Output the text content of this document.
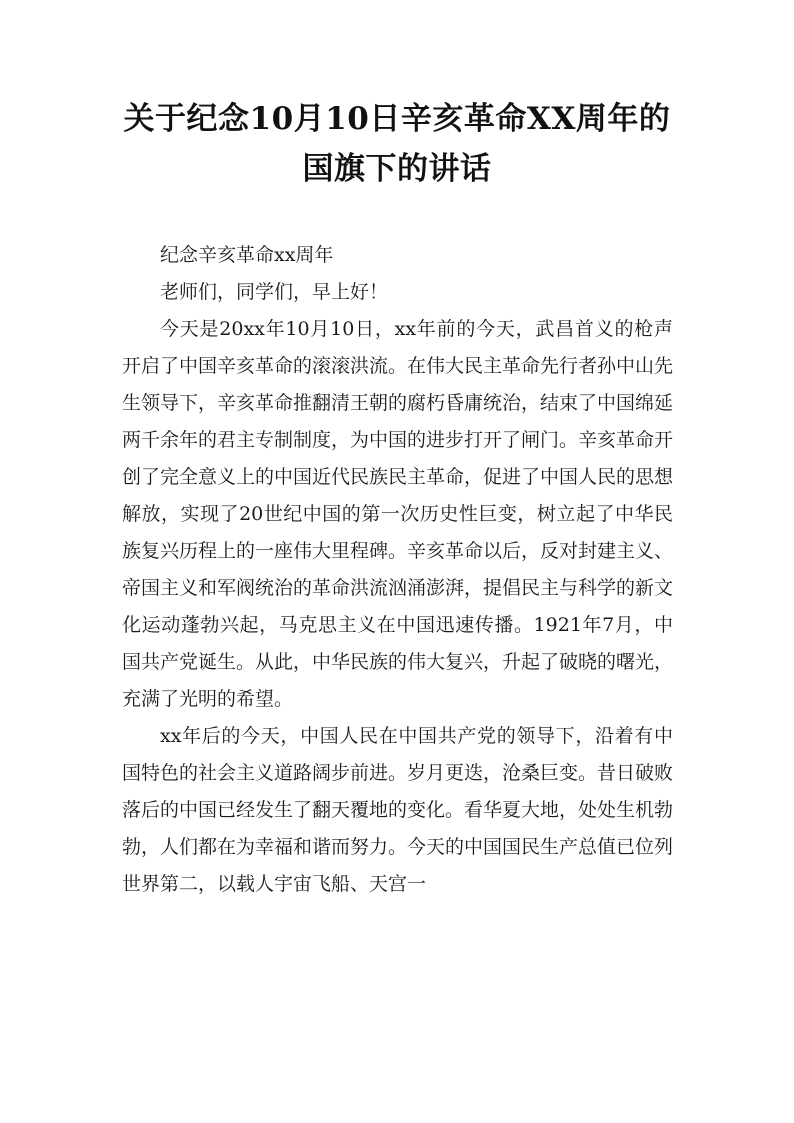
关于纪念10月10日辛亥革命XX周年的
国旗下的讲话

纪念辛亥革命xx周年

老师们，同学们，早上好！

今天是20xx年10月10日，xx年前的今天，武昌首义的枪声开启了中国辛亥革命的滚滚洪流。在伟大民主革命先行者孙中山先生领导下，辛亥革命推翻清王朝的腐朽昏庸统治，结束了中国绵延两千余年的君主专制制度，为中国的进步打开了闸门。辛亥革命开创了完全意义上的中国近代民族民主革命，促进了中国人民的思想解放，实现了20世纪中国的第一次历史性巨变，树立起了中华民族复兴历程上的一座伟大里程碑。辛亥革命以后，反对封建主义、帝国主义和军阀统治的革命洪流汹涌澎湃，提倡民主与科学的新文化运动蓬勃兴起，马克思主义在中国迅速传播。1921年7月，中国共产党诞生。从此，中华民族的伟大复兴，升起了破晓的曙光，充满了光明的希望。

xx年后的今天，中国人民在中国共产党的领导下，沿着有中国特色的社会主义道路阔步前进。岁月更迭，沧桑巨变。昔日破败落后的中国已经发生了翻天覆地的变化。看华夏大地，处处生机勃勃，人们都在为幸福和谐而努力。今天的中国国民生产总值已位列世界第二，以载人宇宙飞船、天宫一
